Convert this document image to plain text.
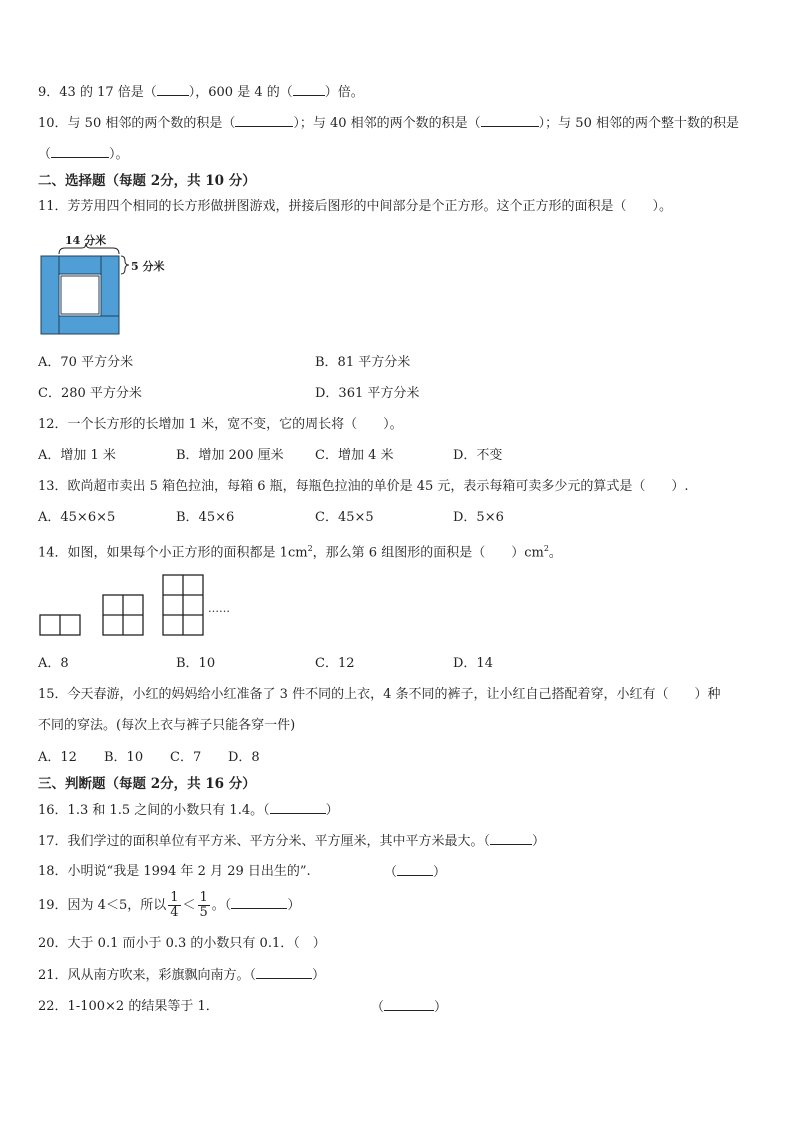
9．43 的 17 倍是（ ），600 是 4 的（ ）倍。
10．与 50 相邻的两个数的积是（	）；与 40 相邻的两个数的积是（	）；与 50 相邻的两个整十数的积是
（	）。
二、选择题（每题 2分，共 10 分）
11．芳芳用四个相同的长方形做拼图游戏，拼接后图形的中间部分是个正方形。这个正方形的面积是（　　）。
14 分米
5 分米
A．70 平方分米	B．81 平方分米
C．280 平方分米	D．361 平方分米
12．一个长方形的长增加 1 米，宽不变，它的周长将（　　）。
A．增加 1 米	B．增加 200 厘米 C．增加 4 米	D．不变
13．欧尚超市卖出 5 箱色拉油，每箱 6 瓶，每瓶色拉油的单价是 45 元，表示每箱可卖多少元的算式是（　　）.
A．45×6×5	B．45×6	C．45×5	D．5×6
14．如图，如果每个小正方形的面积都是 $1cm^2$，那么第 6 组图形的面积是（　　）$cm^2$。
……
A．8	B．10	C．12	D．14
15．今天春游，小红的妈妈给小红准备了 3 件不同的上衣，4 条不同的裤子，让小红自己搭配着穿，小红有（　　）种
不同的穿法。(每次上衣与裤子只能各穿一件)
A．12 B．10 C．7 D．8
三、判断题（每题 2分，共 16 分）
16．1.3 和 1.5 之间的小数只有 1.4。（	）
17．我们学过的面积单位有平方米、平方分米、平方厘米，其中平方米最大。（	）
18．小明说“我是 1994 年 2 月 29 日出生的”.	（	）
19．因为 4＜5，所以 $\frac{1}{4} < \frac{1}{5}$ 。（	）
20．大于 0.1 而小于 0.3 的小数只有 0.1．（　）
21．风从南方吹来，彩旗飘向南方。（	）
22．1-100×2 的结果等于 1．	（	）
